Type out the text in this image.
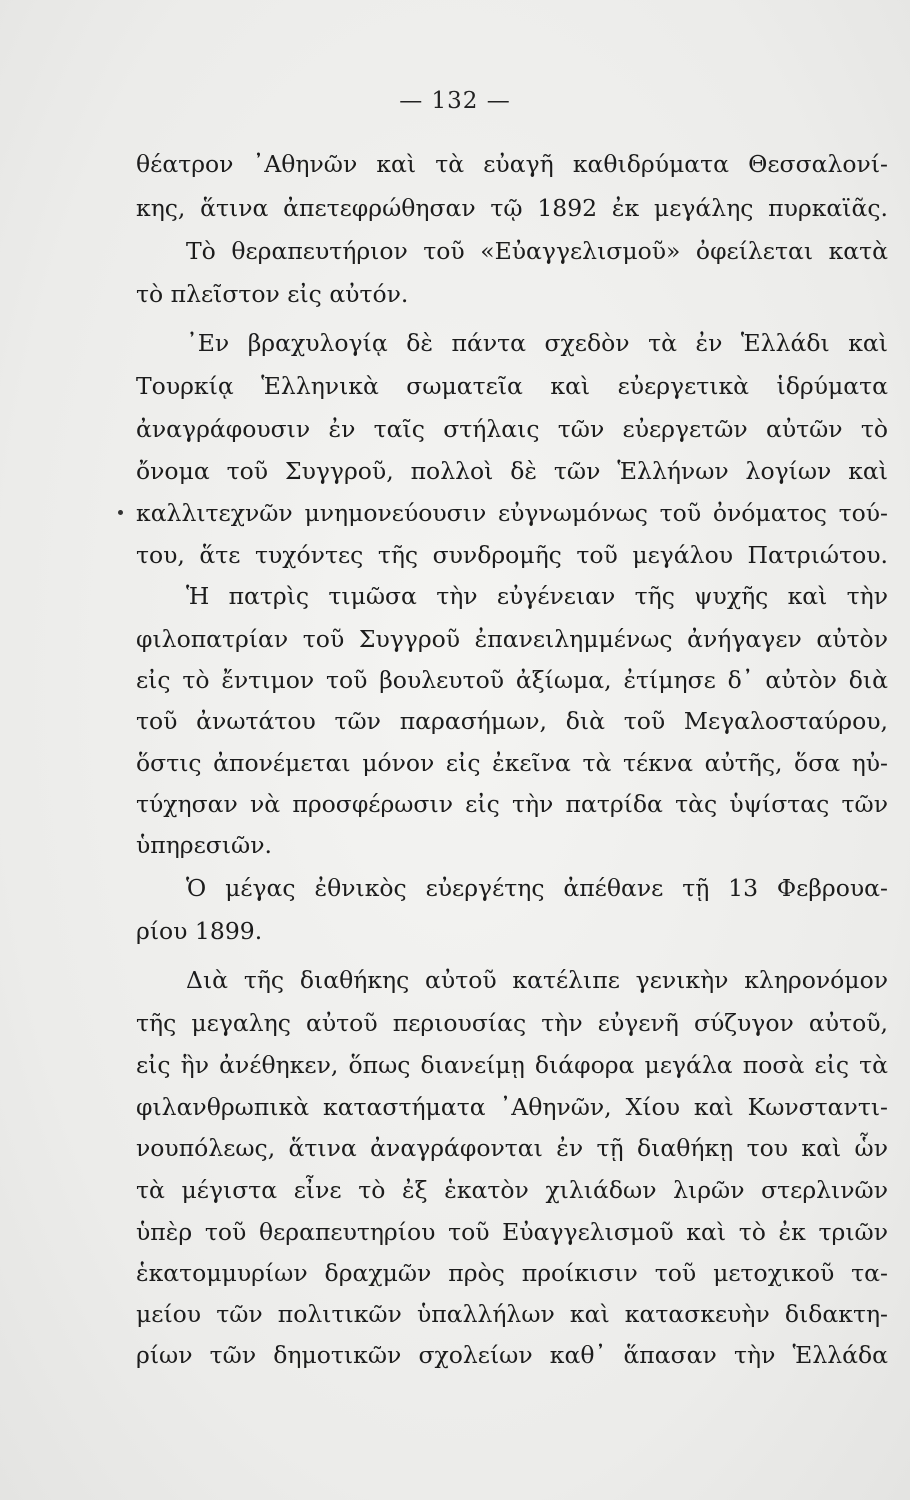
— 132 —
θέατρον ᾿Αθηνῶν καὶ τὰ εὐαγῆ καθιδρύματα Θεσσαλονί-
κης, ἅτινα ἀπετεφρώθησαν τῷ 1892 ἐκ μεγάλης πυρκαϊᾶς.
Τὸ θεραπευτήριον τοῦ «Εὐαγγελισμοῦ» ὀφείλεται κατὰ
τὸ πλεῖστον εἰς αὐτόν.
᾿Εν βραχυλογίᾳ δὲ πάντα σχεδὸν τὰ ἐν Ἑλλάδι καὶ
Τουρκίᾳ Ἑλληνικὰ σωματεῖα καὶ εὐεργετικὰ ἱδρύματα
ἀναγράφουσιν ἐν ταῖς στήλαις τῶν εὐεργετῶν αὐτῶν τὸ
ὄνομα τοῦ Συγγροῦ, πολλοὶ δὲ τῶν Ἑλλήνων λογίων καὶ
καλλιτεχνῶν μνημονεύουσιν εὐγνωμόνως τοῦ ὀνόματος τού-
του, ἅτε τυχόντες τῆς συνδρομῆς τοῦ μεγάλου Πατριώτου.
Ἡ πατρὶς τιμῶσα τὴν εὐγένειαν τῆς ψυχῆς καὶ τὴν
φιλοπατρίαν τοῦ Συγγροῦ ἐπανειλημμένως ἀνήγαγεν αὐτὸν
εἰς τὸ ἔντιμον τοῦ βουλευτοῦ ἀξίωμα, ἐτίμησε δ᾿ αὐτὸν διὰ
τοῦ ἀνωτάτου τῶν παρασήμων, διὰ τοῦ Μεγαλοσταύρου,
ὅστις ἀπονέμεται μόνον εἰς ἐκεῖνα τὰ τέκνα αὐτῆς, ὅσα ηὐ-
τύχησαν νὰ προσφέρωσιν εἰς τὴν πατρίδα τὰς ὑψίστας τῶν
ὑπηρεσιῶν.
Ὁ μέγας ἐθνικὸς εὐεργέτης ἀπέθανε τῇ 13 Φεβρουα-
ρίου 1899.
Διὰ τῆς διαθήκης αὐτοῦ κατέλιπε γενικὴν κληρονόμον
τῆς μεγαλης αὐτοῦ περιουσίας τὴν εὐγενῆ σύζυγον αὐτοῦ,
εἰς ἣν ἀνέθηκεν, ὅπως διανείμῃ διάφορα μεγάλα ποσὰ εἰς τὰ
φιλανθρωπικὰ καταστήματα ᾿Αθηνῶν, Χίου καὶ Κωνσταντι-
νουπόλεως, ἅτινα ἀναγράφονται ἐν τῇ διαθήκῃ του καὶ ὧν
τὰ μέγιστα εἶνε τὸ ἐξ ἑκατὸν χιλιάδων λιρῶν στερλινῶν
ὑπὲρ τοῦ θεραπευτηρίου τοῦ Εὐαγγελισμοῦ καὶ τὸ ἐκ τριῶν
ἑκατομμυρίων δραχμῶν πρὸς προίκισιν τοῦ μετοχικοῦ τα-
μείου τῶν πολιτικῶν ὑπαλλήλων καὶ κατασκευὴν διδακτη-
ρίων τῶν δημοτικῶν σχολείων καθ᾿ ἅπασαν τὴν Ἑλλάδα
